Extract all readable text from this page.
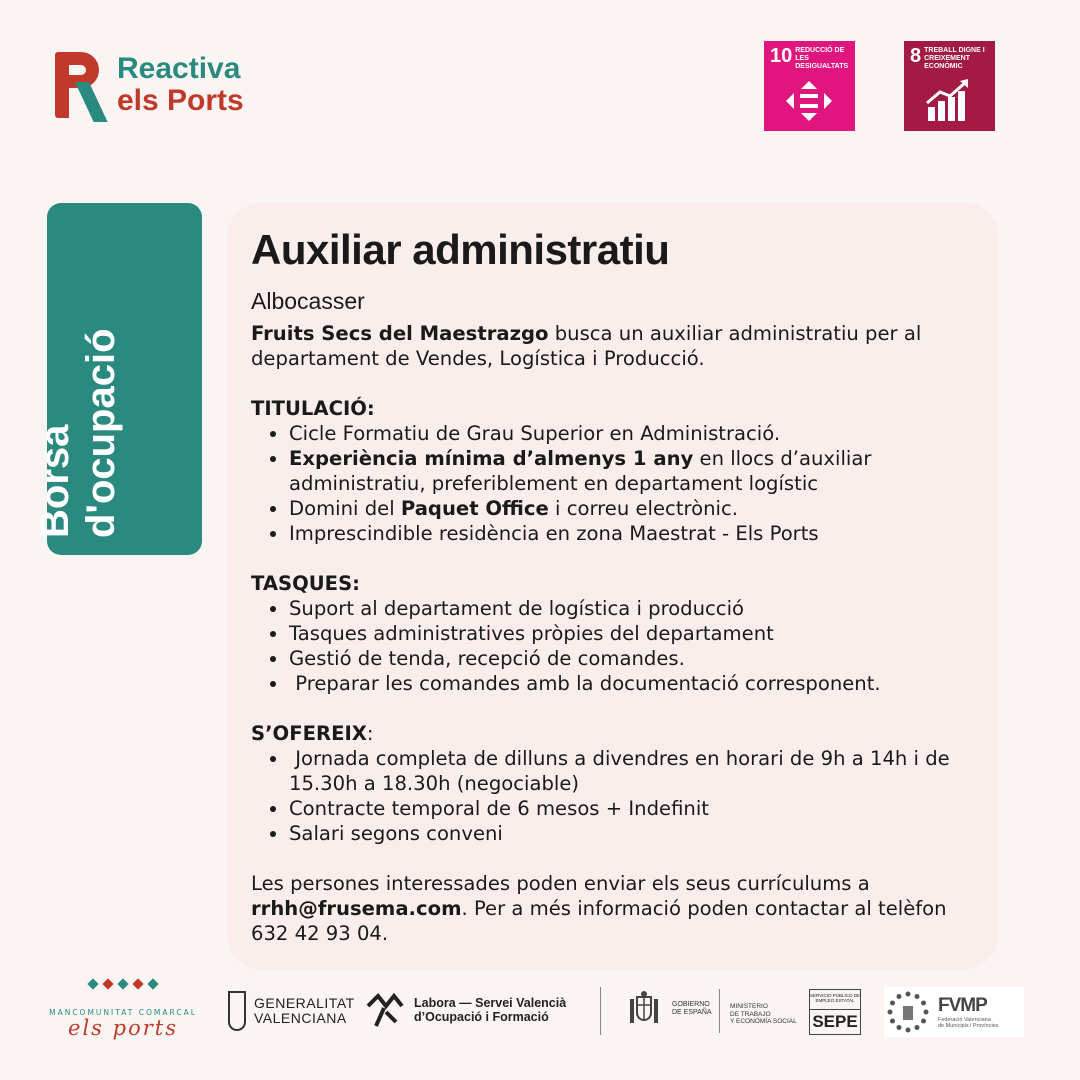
Reactiva
els Ports
10 REDUCCIÓ DE LES DESIGUALTATS	8 TREBALL DIGNE I CREIXEMENT ECONÒMIC
Borsa d'ocupació
Auxiliar administratiu
Albocasser
Fruits Secs del Maestrazgo busca un auxiliar administratiu per al departament de Vendes, Logística i Producció.
TITULACIÓ:
• Cicle Formatiu de Grau Superior en Administració.
• Experiència mínima d’almenys 1 any en llocs d’auxiliar administratiu, preferiblement en departament logístic
• Domini del Paquet Office i correu electrònic.
• Imprescindible residència en zona Maestrat - Els Ports
TASQUES:
• Suport al departament de logística i producció
• Tasques administratives pròpies del departament
• Gestió de tenda, recepció de comandes.
•  Preparar les comandes amb la documentació corresponent.
S’OFEREIX:
•  Jornada completa de dilluns a divendres en horari de 9h a 14h i de 15.30h a 18.30h (negociable)
• Contracte temporal de 6 mesos + Indefinit
• Salari segons conveni
Les persones interessades poden enviar els seus currículums a rrhh@frusema.com. Per a més informació poden contactar al telèfon 632 42 93 04.
MANCOMUNITAT COMARCAL
els ports
GENERALITAT
VALENCIANA
Labora — Servei Valencià
d’Ocupació i Formació
GOBIERNO
DE ESPAÑA
MINISTERIO
DE TRABAJO
Y ECONOMÍA SOCIAL
SERVICIO PÚBLICO DE EMPLEO ESTATAL
SEPE
FVMP
Federació Valenciana
de Municipis i Províncies
